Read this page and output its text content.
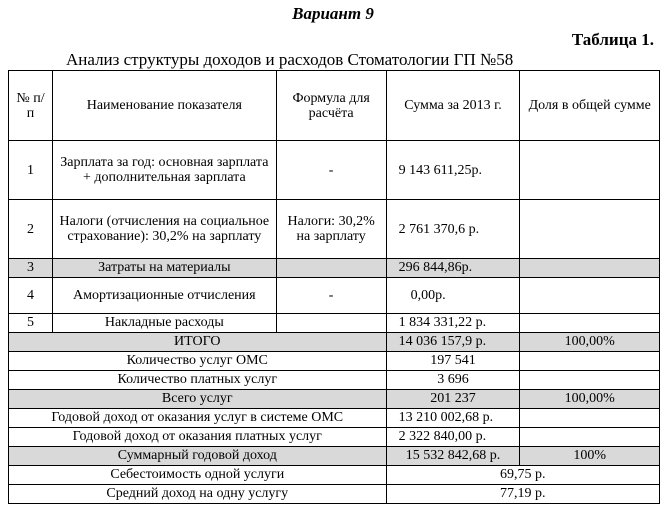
Вариант 9
Таблица 1.
Анализ структуры доходов и расходов Стоматологии ГП №58
№ п/п	Наименование показателя	Формула для расчёта	Сумма за 2013 г.	Доля в общей сумме
1	Зарплата за год: основная зарплата + дополнительная зарплата	-	9 143 611,25р.	
2	Налоги (отчисления на социальное страхование): 30,2% на зарплату	Налоги: 30,2% на зарплату	2 761 370,6 р.	
3	Затраты на материалы		296 844,86р.	
4	Амортизационные отчисления	-	0,00р.	
5	Накладные расходы		1 834 331,22 р.	
ИТОГО			14 036 157,9 р.	100,00%
Количество услуг ОМС			197 541	
Количество платных услуг			3 696	
Всего услуг			201 237	100,00%
Годовой доход от оказания услуг в системе ОМС			13 210 002,68 р.	
Годовой доход от оказания платных услуг			2 322 840,00 р.	
Суммарный годовой доход			15 532 842,68 р.	100%
Себестоимость одной услуги			69,75 р.	
Средний доход на одну услугу			77,19 р.	
